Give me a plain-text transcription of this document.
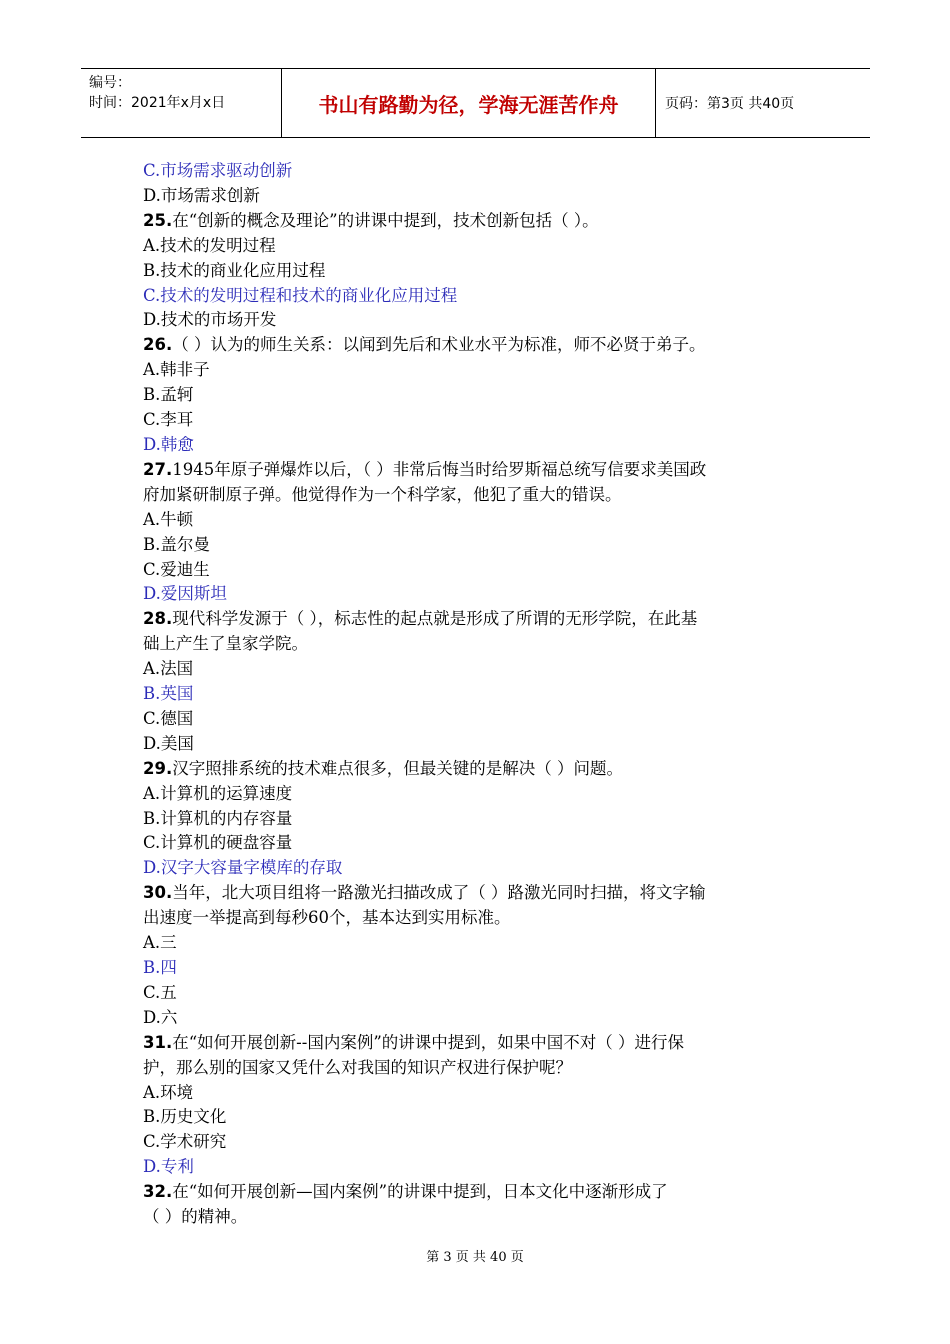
编号：
时间：2021年x月x日	书山有路勤为径，学海无涯苦作舟	页码：第3页 共40页
C.市场需求驱动创新
D.市场需求创新
25.在“创新的概念及理论”的讲课中提到，技术创新包括（ ）。
A.技术的发明过程
B.技术的商业化应用过程
C.技术的发明过程和技术的商业化应用过程
D.技术的市场开发
26.（ ）认为的师生关系：以闻到先后和术业水平为标准，师不必贤于弟子。
A.韩非子
B.孟轲
C.李耳
D.韩愈
27.1945年原子弹爆炸以后，（ ）非常后悔当时给罗斯福总统写信要求美国政
府加紧研制原子弹。他觉得作为一个科学家，他犯了重大的错误。
A.牛顿
B.盖尔曼
C.爱迪生
D.爱因斯坦
28.现代科学发源于（ ），标志性的起点就是形成了所谓的无形学院，在此基
础上产生了皇家学院。
A.法国
B.英国
C.德国
D.美国
29.汉字照排系统的技术难点很多，但最关键的是解决（ ）问题。
A.计算机的运算速度
B.计算机的内存容量
C.计算机的硬盘容量
D.汉字大容量字模库的存取
30.当年，北大项目组将一路激光扫描改成了（ ）路激光同时扫描，将文字输
出速度一举提高到每秒60个，基本达到实用标准。
A.三
B.四
C.五
D.六
31.在“如何开展创新--国内案例”的讲课中提到，如果中国不对（ ）进行保
护，那么别的国家又凭什么对我国的知识产权进行保护呢？
A.环境
B.历史文化
C.学术研究
D.专利
32.在“如何开展创新—国内案例”的讲课中提到，日本文化中逐渐形成了
（ ）的精神。
第 3 页 共 40 页
